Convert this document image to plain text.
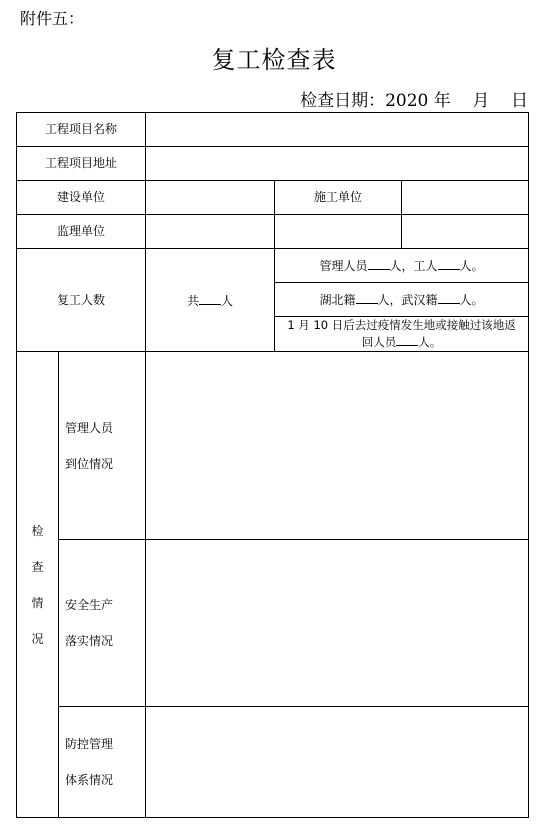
附件五：
复工检查表
检查日期：2020 年    月    日
工程项目名称				
工程项目地址				
建设单位			施工单位	
监理单位				
复工人数		共 人	管理人员 人，工人 人。	
			湖北籍 人，武汉籍 人。	
			1 月 10 日后去过疫情发生地或接触过该地返
回人员 人。	
检
查
情
况	管理人员
到位情况			
	安全生产
落实情况			
	防控管理
体系情况			
